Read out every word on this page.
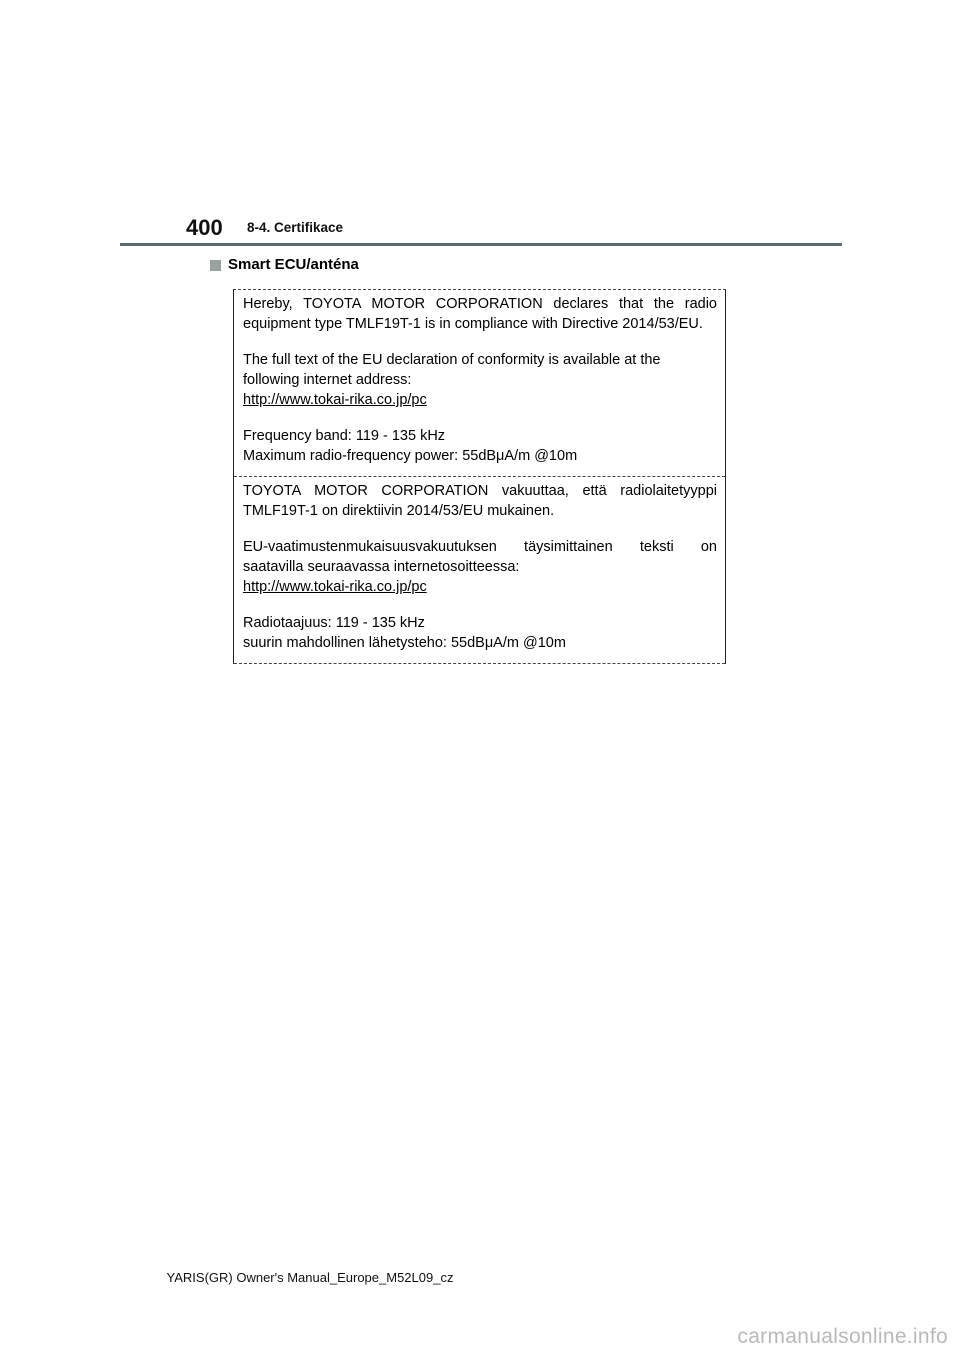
400 8-4. Certifikace
Smart ECU/anténa

Hereby, TOYOTA MOTOR CORPORATION declares that the radio

equipment type TMLF19T-1 is in compliance with Directive 2014/53/EU.

The full text of the EU declaration of conformity is available at the

following internet address:

http://www.tokai-rika.co.jp/pc

Frequency band: 119 - 135 kHz

Maximum radio-frequency power: 55dBμA/m @10m

TOYOTA MOTOR CORPORATION vakuuttaa, että radiolaitetyyppi

TMLF19T-1 on direktiivin 2014/53/EU mukainen.

EU-vaatimustenmukaisuusvakuutuksen täysimittainen teksti on

saatavilla seuraavassa internetosoitteessa:

http://www.tokai-rika.co.jp/pc

Radiotaajuus: 119 - 135 kHz

suurin mahdollinen lähetysteho: 55dBμA/m @10m

YARIS(GR) Owner's Manual_Europe_M52L09_cz
carmanualsonline.info
